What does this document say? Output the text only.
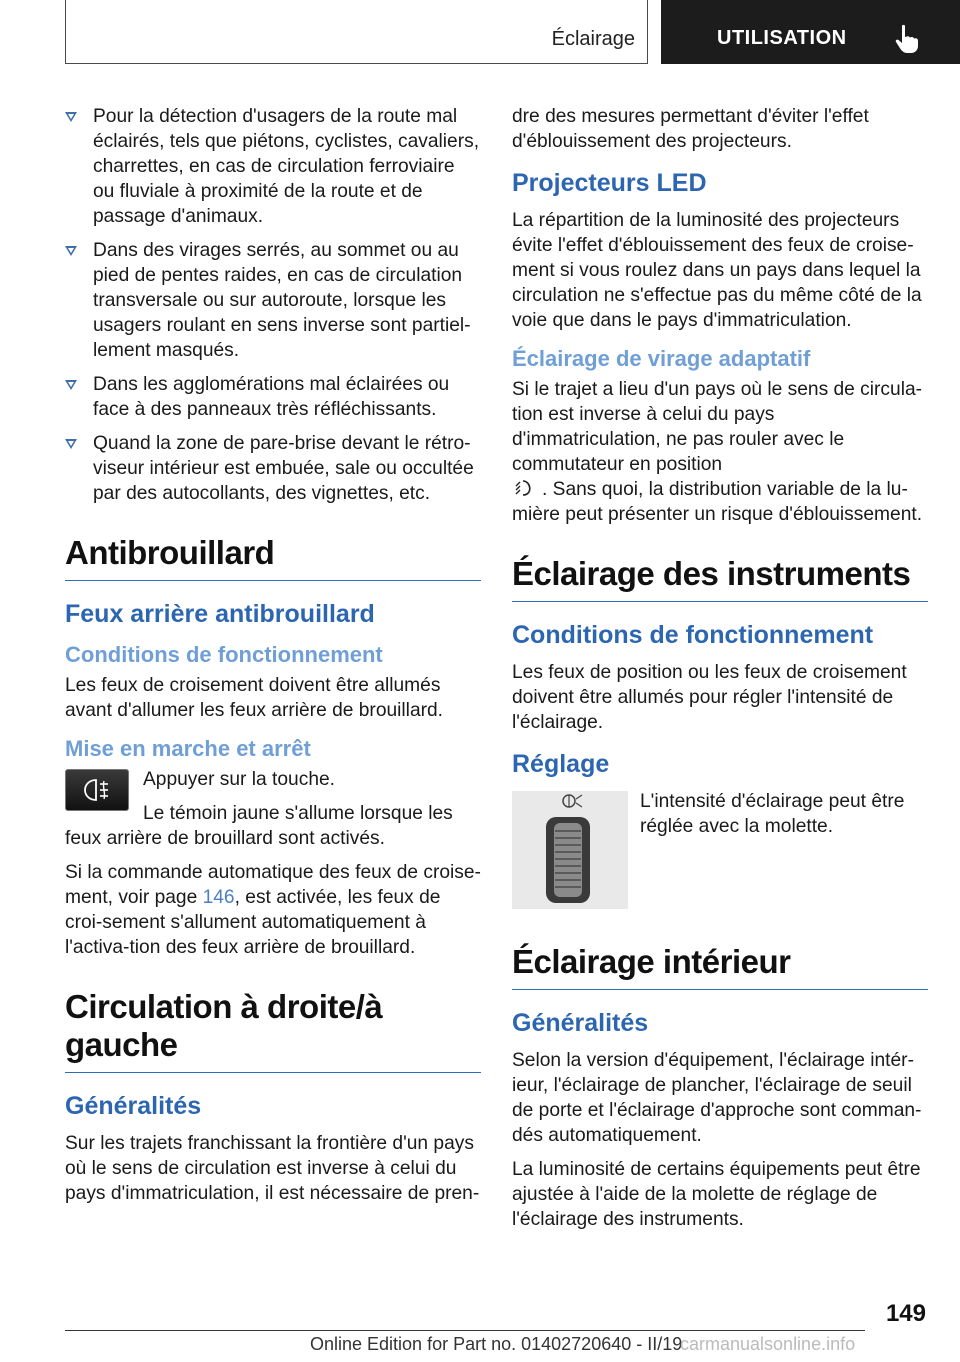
Éclairage	UTILISATION
Pour la détection d'usagers de la route mal éclairés, tels que piétons, cyclistes, cavaliers, charrettes, en cas de circulation ferroviaire ou fluviale à proximité de la route et de passage d'animaux.
Dans des virages serrés, au sommet ou au pied de pentes raides, en cas de circulation transversale ou sur autoroute, lorsque les usagers roulant en sens inverse sont partiel-lement masqués.
Dans les agglomérations mal éclairées ou face à des panneaux très réfléchissants.
Quand la zone de pare-brise devant le rétro-viseur intérieur est embuée, sale ou occultée par des autocollants, des vignettes, etc.
Antibrouillard
Feux arrière antibrouillard
Conditions de fonctionnement

Les feux de croisement doivent être allumés avant d'allumer les feux arrière de brouillard.

Mise en marche et arrêt

Appuyer sur la touche.

Le témoin jaune s'allume lorsque les feux arrière de brouillard sont activés.

Si la commande automatique des feux de croise-ment, voir page 146, est activée, les feux de croi-sement s'allument automatiquement à l'activa-tion des feux arrière de brouillard.

Circulation à droite/à gauche
Généralités

Sur les trajets franchissant la frontière d'un pays où le sens de circulation est inverse à celui du pays d'immatriculation, il est nécessaire de pren-

dre des mesures permettant d'éviter l'effet d'éblouissement des projecteurs.

Projecteurs LED

La répartition de la luminosité des projecteurs évite l'effet d'éblouissement des feux de croise-ment si vous roulez dans un pays dans lequel la circulation ne s'effectue pas du même côté de la voie que dans le pays d'immatriculation.

Éclairage de virage adaptatif

Si le trajet a lieu d'un pays où le sens de circula-tion est inverse à celui du pays d'immatriculation, ne pas rouler avec le commutateur en position
. Sans quoi, la distribution variable de la lu-mière peut présenter un risque d'éblouissement.

Éclairage des instruments
Conditions de fonctionnement

Les feux de position ou les feux de croisement doivent être allumés pour régler l'intensité de l'éclairage.

Réglage

L'intensité d'éclairage peut être réglée avec la molette.

Éclairage intérieur
Généralités

Selon la version d'équipement, l'éclairage intér-ieur, l'éclairage de plancher, l'éclairage de seuil de porte et l'éclairage d'approche sont comman-dés automatiquement.

La luminosité de certains équipements peut être ajustée à l'aide de la molette de réglage de l'éclairage des instruments.

149
Online Edition for Part no. 01402720640 - II/19
carmanualsonline.info
